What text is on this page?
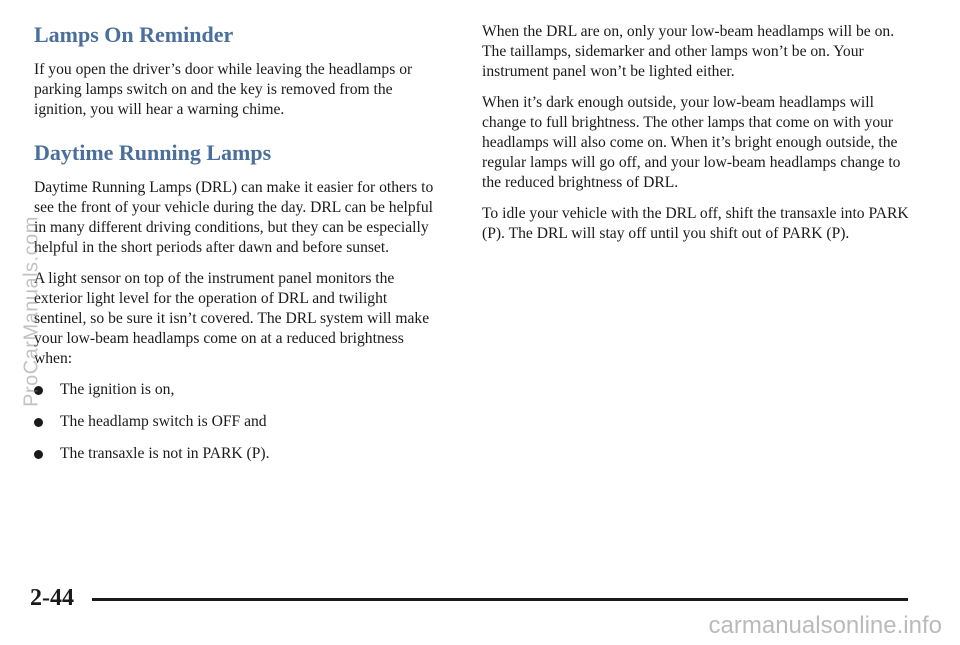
Lamps On Reminder

If you open the driver’s door while leaving the headlamps or parking lamps switch on and the key is removed from the ignition, you will hear a warning chime.

Daytime Running Lamps

Daytime Running Lamps (DRL) can make it easier for others to see the front of your vehicle during the day. DRL can be helpful in many different driving conditions, but they can be especially helpful in the short periods after dawn and before sunset.

A light sensor on top of the instrument panel monitors the exterior light level for the operation of DRL and twilight sentinel, so be sure it isn’t covered. The DRL system will make your low-beam headlamps come on at a reduced brightness when:

The ignition is on,
The headlamp switch is OFF and
The transaxle is not in PARK (P).

When the DRL are on, only your low-beam headlamps will be on. The taillamps, sidemarker and other lamps won’t be on. Your instrument panel won’t be lighted either.

When it’s dark enough outside, your low-beam headlamps will change to full brightness. The other lamps that come on with your headlamps will also come on. When it’s bright enough outside, the regular lamps will go off, and your low-beam headlamps change to the reduced brightness of DRL.

To idle your vehicle with the DRL off, shift the transaxle into PARK (P). The DRL will stay off until you shift out of PARK (P).

2-44
ProCarManuals.com
carmanualsonline.info
